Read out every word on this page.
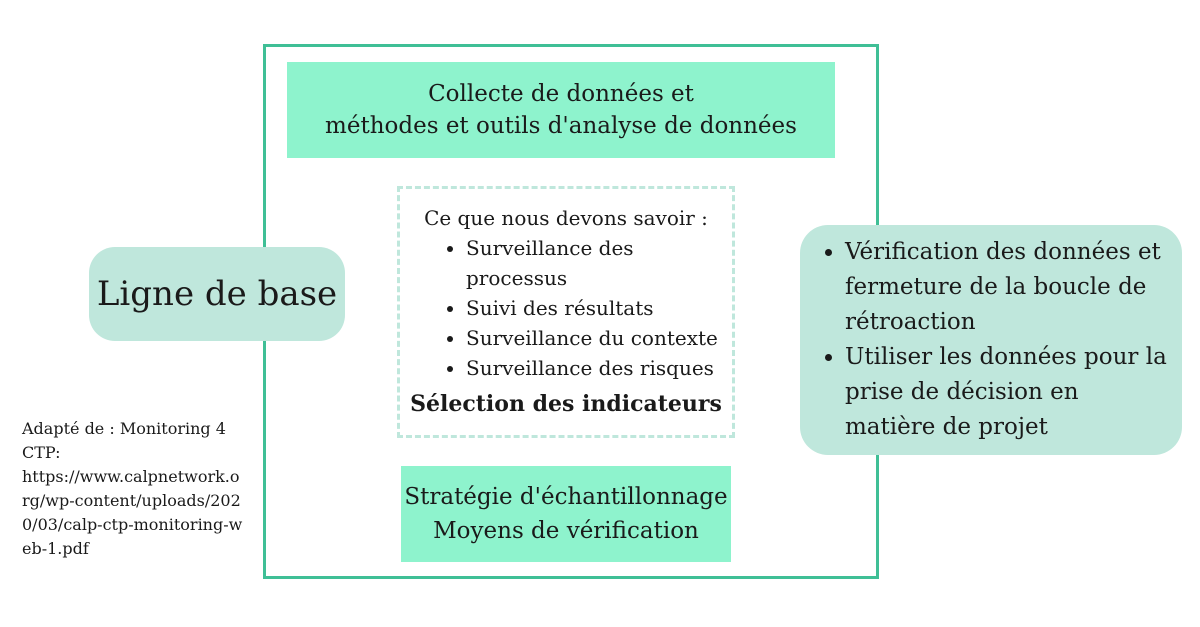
Collecte de données et
méthodes et outils d'analyse de données
Ce que nous devons savoir :
• Surveillance des processus
• Suivi des résultats
• Surveillance du contexte
• Surveillance des risques
Sélection des indicateurs
Stratégie d'échantillonnage
Moyens de vérification
Ligne de base
• Vérification des données et fermeture de la boucle de rétroaction
• Utiliser les données pour la prise de décision en matière de projet
Adapté de : Monitoring 4
CTP:
https://www.calpnetwork.org/wp-content/uploads/2020/03/calp-ctp-monitoring-web-1.pdf
